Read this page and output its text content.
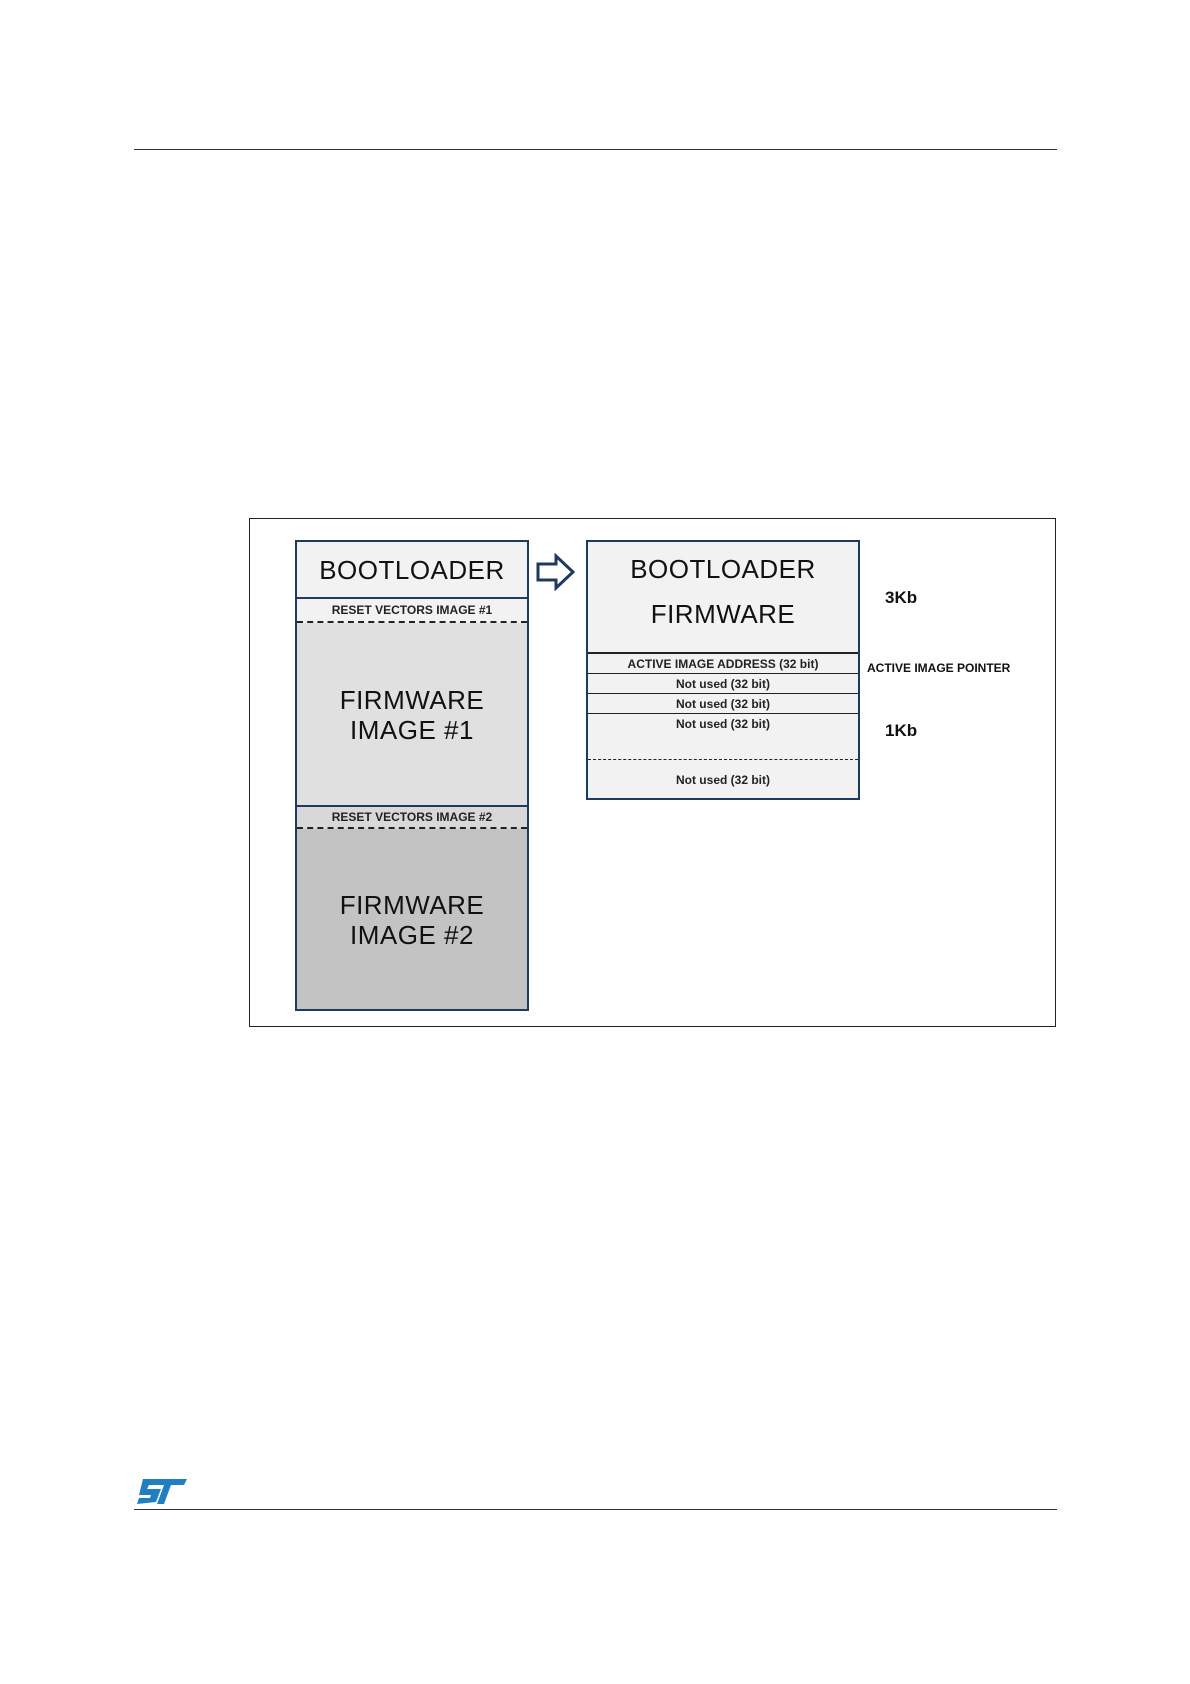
BOOTLOADER
RESET VECTORS IMAGE #1
FIRMWARE
IMAGE #1
RESET VECTORS IMAGE #2
FIRMWARE
IMAGE #2
BOOTLOADER
FIRMWARE
ACTIVE IMAGE ADDRESS (32 bit)
Not used (32 bit)
Not used (32 bit)
Not used (32 bit)
Not used (32 bit)
3Kb
ACTIVE IMAGE POINTER
1Kb
